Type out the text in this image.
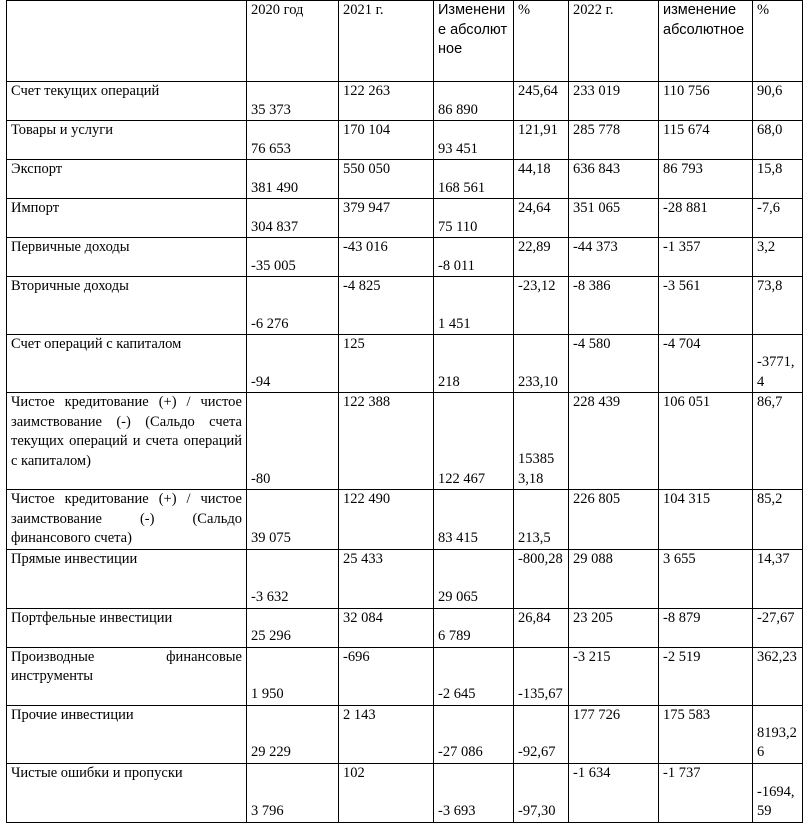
	2020 год	2021 г.	Изменение абсолютное	%	2022 г.	изменение абсолютное	%

Счет текущих операций	35 373	122 263	86 890	245,64	233 019	110 756	90,6

Товары и услуги	76 653	170 104	93 451	121,91	285 778	115 674	68,0

Экспорт	381 490	550 050	168 561	44,18	636 843	86 793	15,8

Импорт	304 837	379 947	75 110	24,64	351 065	-28 881	-7,6

Первичные доходы	-35 005	-43 016	-8 011	22,89	-44 373	-1 357	3,2

Вторичные доходы	-6 276	-4 825	1 451	-23,12	-8 386	-3 561	73,8

Счет операций с капиталом	-94	125	218	233,10	-4 580	-4 704	-3771,4

Чистое кредитование (+) / чистое заимствование (-) (Сальдо счета текущих операций и счета операций с капиталом)	-80	122 388	122 467	153853,18	228 439	106 051	86,7

Чистое кредитование (+) / чистое заимствование (-) (Сальдо финансового счета)	39 075	122 490	83 415	213,5	226 805	104 315	85,2

Прямые инвестиции	-3 632	25 433	29 065	-800,28	29 088	3 655	14,37

Портфельные инвестиции	25 296	32 084	6 789	26,84	23 205	-8 879	-27,67

Производные финансовые инструменты	1 950	-696	-2 645	-135,67	-3 215	-2 519	362,23

Прочие инвестиции	29 229	2 143	-27 086	-92,67	177 726	175 583	8193,26

Чистые ошибки и пропуски	3 796	102	-3 693	-97,30	-1 634	-1 737	-1694,59
